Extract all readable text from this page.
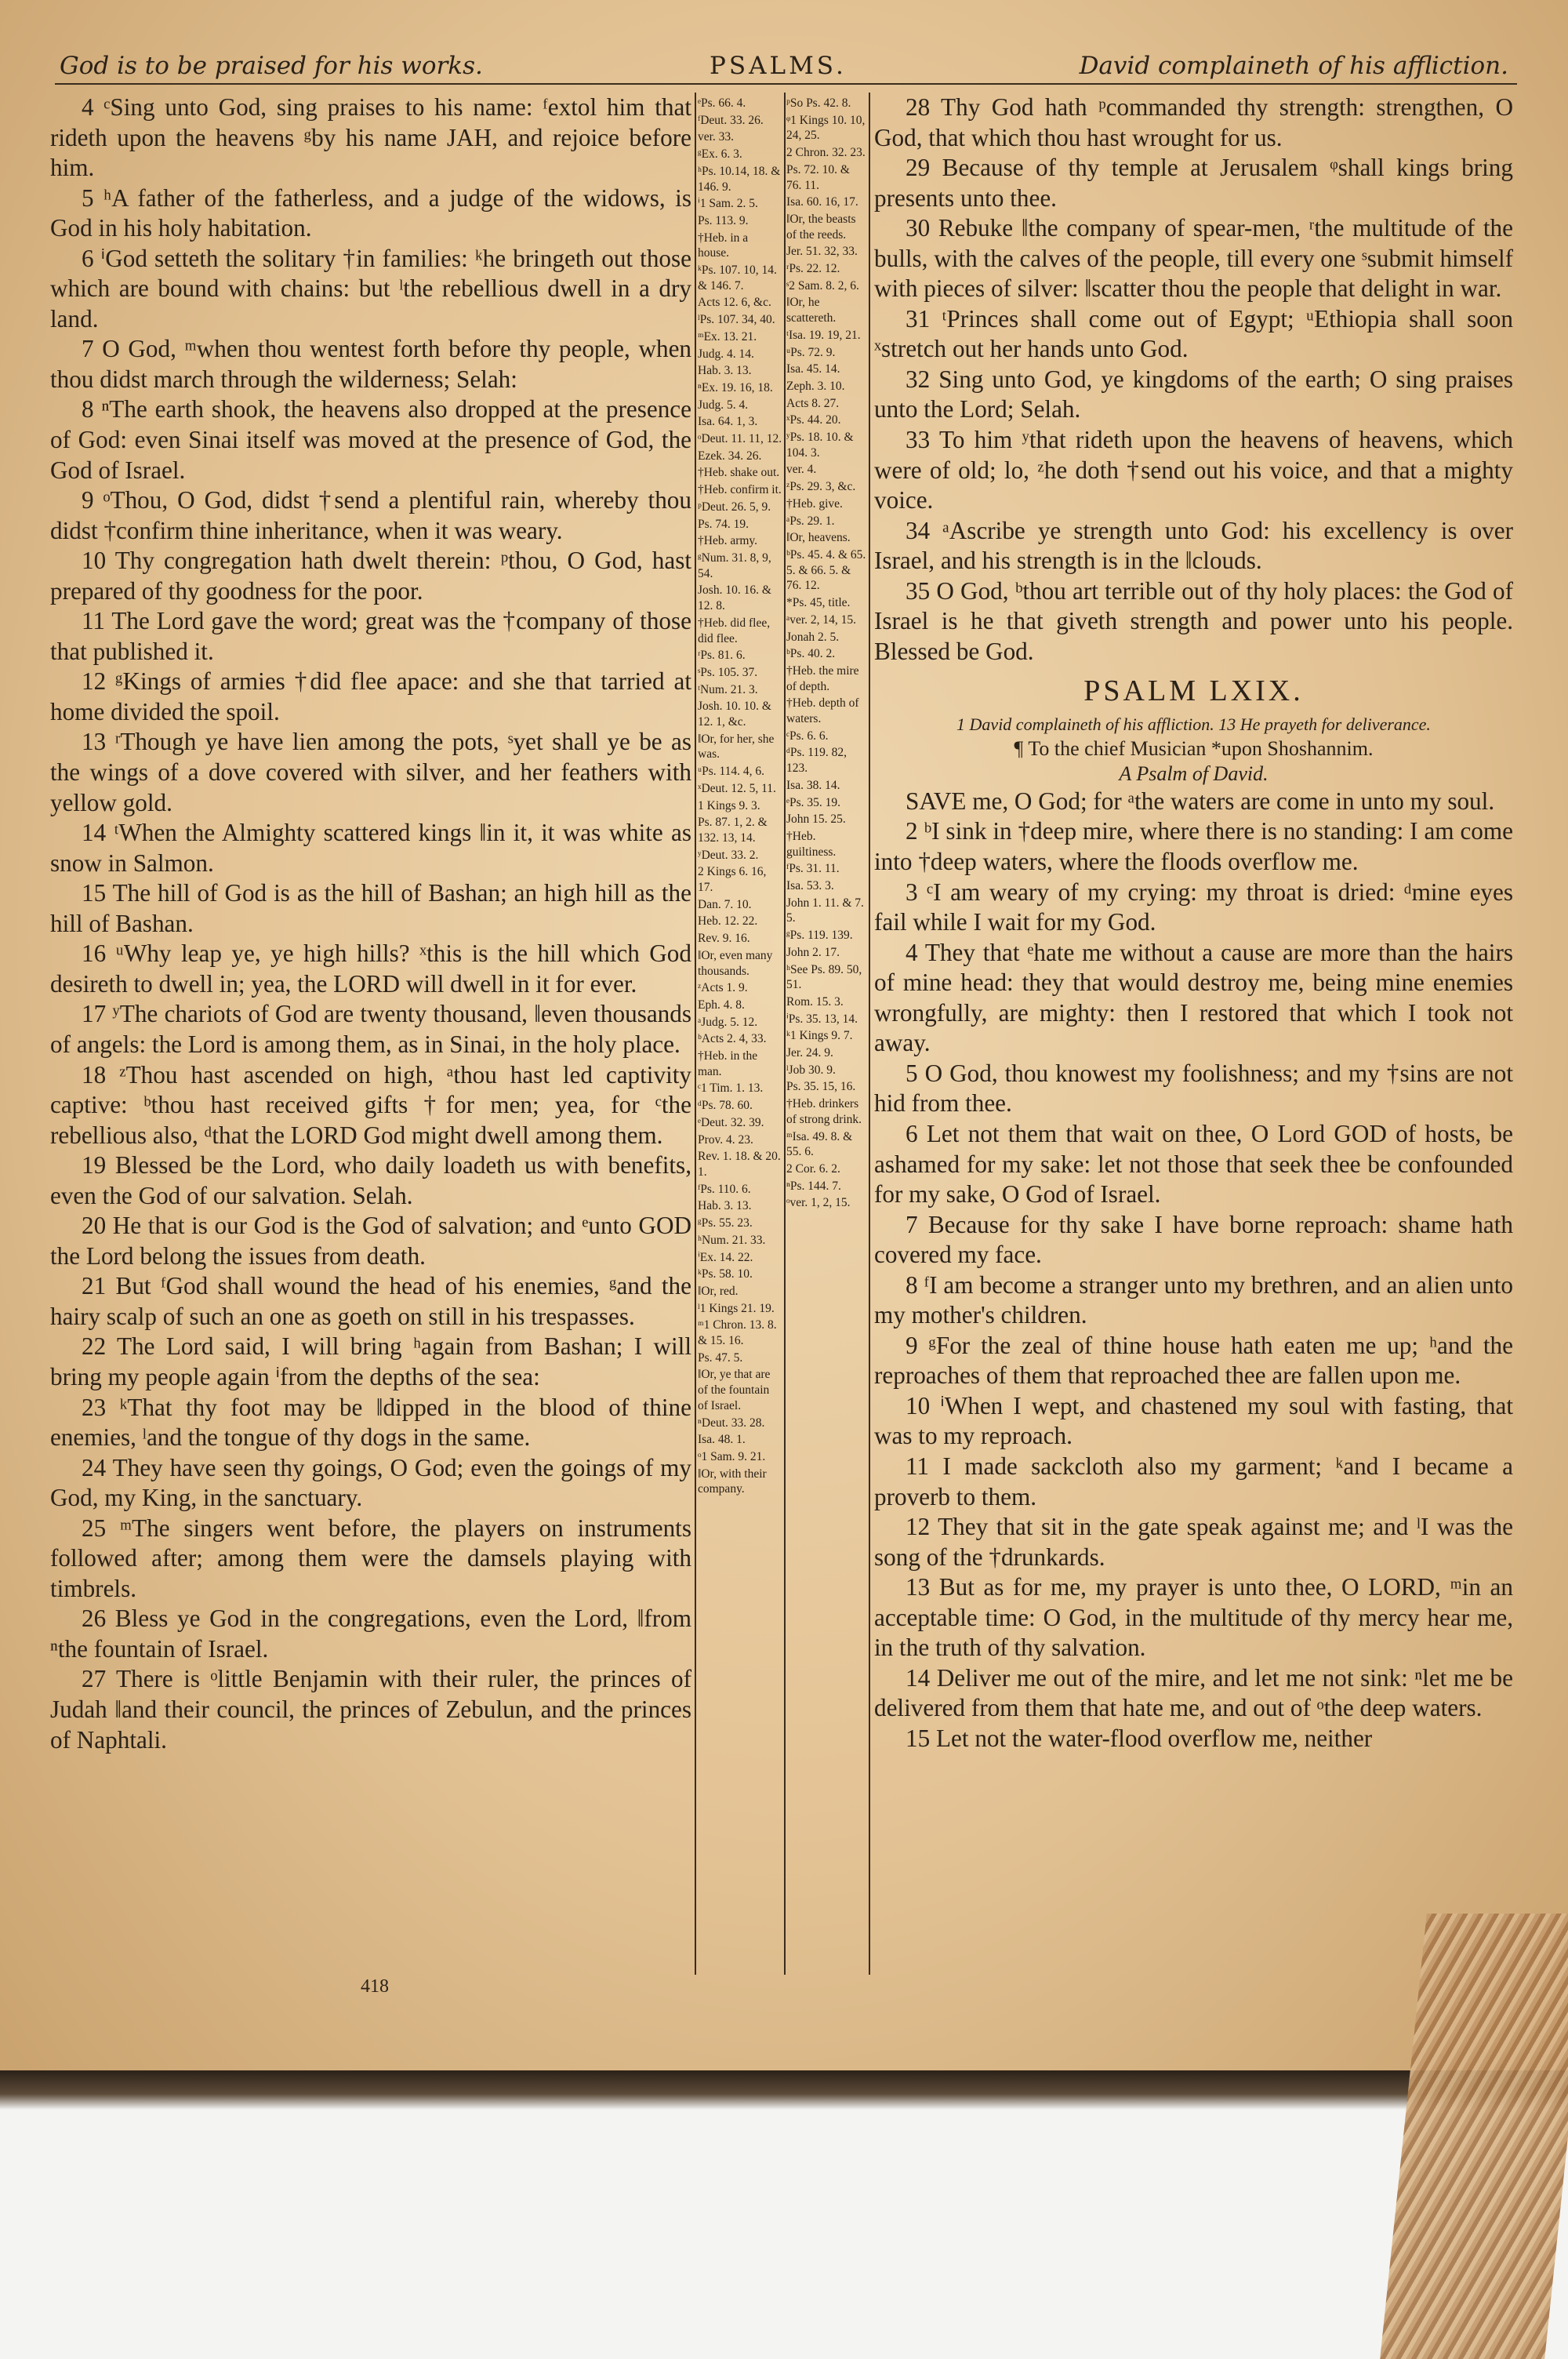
God is to be praised for his works.	PSALMS.	David complaineth of his affliction.

4 ᶜSing unto God, sing praises to his name: ᶠextol him that rideth upon the heavens ᵍby his name JAH, and rejoice before him.

5 ʰA father of the fatherless, and a judge of the widows, is God in his holy habitation.

6 ⁱGod setteth the solitary †in families: ᵏhe bringeth out those which are bound with chains: but ˡthe rebellious dwell in a dry land.

7 O God, ᵐwhen thou wentest forth before thy people, when thou didst march through the wilderness; Selah:

8 ⁿThe earth shook, the heavens also dropped at the presence of God: even Sinai itself was moved at the presence of God, the God of Israel.

9 ᵒThou, O God, didst †send a plentiful rain, whereby thou didst †confirm thine inheritance, when it was weary.

10 Thy congregation hath dwelt therein: ᵖthou, O God, hast prepared of thy goodness for the poor.

11 The Lord gave the word; great was the †company of those that published it.

12 ᵍKings of armies †did flee apace: and she that tarried at home divided the spoil.

13 ʳThough ye have lien among the pots, ˢyet shall ye be as the wings of a dove covered with silver, and her feathers with yellow gold.

14 ᵗWhen the Almighty scattered kings ‖in it, it was white as snow in Salmon.

15 The hill of God is as the hill of Bashan; an high hill as the hill of Bashan.

16 ᵘWhy leap ye, ye high hills? ˣthis is the hill which God desireth to dwell in; yea, the LORD will dwell in it for ever.

17 ʸThe chariots of God are twenty thousand, ‖even thousands of angels: the Lord is among them, as in Sinai, in the holy place.

18 ᶻThou hast ascended on high, ᵃthou hast led captivity captive: ᵇthou hast received gifts †for men; yea, for ᶜthe rebellious also, ᵈthat the LORD God might dwell among them.

19 Blessed be the Lord, who daily loadeth us with benefits, even the God of our salvation. Selah.

20 He that is our God is the God of salvation; and ᵉunto GOD the Lord belong the issues from death.

21 But ᶠGod shall wound the head of his enemies, ᵍand the hairy scalp of such an one as goeth on still in his trespasses.

22 The Lord said, I will bring ʰagain from Bashan; I will bring my people again ⁱfrom the depths of the sea:

23 ᵏThat thy foot may be ‖dipped in the blood of thine enemies, ˡand the tongue of thy dogs in the same.

24 They have seen thy goings, O God; even the goings of my God, my King, in the sanctuary.

25 ᵐThe singers went before, the players on instruments followed after; among them were the damsels playing with timbrels.

26 Bless ye God in the congregations, even the Lord, ‖from ⁿthe fountain of Israel.

27 There is ᵒlittle Benjamin with their ruler, the princes of Judah ‖and their council, the princes of Zebulun, and the princes of Naphtali.

ᵉPs. 66. 4.
ᶠDeut. 33. 26.
ver. 33.
ᵍEx. 6. 3.
ʰPs. 10.14, 18. & 146. 9.
ⁱ1 Sam. 2. 5.
Ps. 113. 9.
†Heb. in a house.
ᵏPs. 107. 10, 14. & 146. 7.
Acts 12. 6, &c.
ˡPs. 107. 34, 40.
ᵐEx. 13. 21.
Judg. 4. 14.
Hab. 3. 13.
ⁿEx. 19. 16, 18.
Judg. 5. 4.
Isa. 64. 1, 3.
ᵒDeut. 11. 11, 12.
Ezek. 34. 26.
†Heb. shake out.
†Heb. confirm it.
ᵖDeut. 26. 5, 9.
Ps. 74. 19.
†Heb. army.
ᵍNum. 31. 8, 9, 54.
Josh. 10. 16. & 12. 8.
†Heb. did flee, did flee.
ʳPs. 81. 6.
ˢPs. 105. 37.
ᵗNum. 21. 3.
Josh. 10. 10. & 12. 1, &c.
‖Or, for her, she was.
ᵘPs. 114. 4, 6.
ˣDeut. 12. 5, 11.
1 Kings 9. 3.
Ps. 87. 1, 2. & 132. 13, 14.
ʸDeut. 33. 2.
2 Kings 6. 16, 17.
Dan. 7. 10.
Heb. 12. 22.
Rev. 9. 16.
‖Or, even many thousands.
ᶻActs 1. 9.
Eph. 4. 8.
ᵃJudg. 5. 12.
ᵇActs 2. 4, 33.
†Heb. in the man.
ᶜ1 Tim. 1. 13.
ᵈPs. 78. 60.
ᵉDeut. 32. 39.
Prov. 4. 23.
Rev. 1. 18. & 20. 1.
ᶠPs. 110. 6.
Hab. 3. 13.
ᵍPs. 55. 23.
ʰNum. 21. 33.
ⁱEx. 14. 22.
ᵏPs. 58. 10.
‖Or, red.
ˡ1 Kings 21. 19.
ᵐ1 Chron. 13. 8. & 15. 16.
Ps. 47. 5.
‖Or, ye that are of the fountain of Israel.
ⁿDeut. 33. 28.
Isa. 48. 1.
ᵒ1 Sam. 9. 21.
‖Or, with their company.
ᵖSo Ps. 42. 8.
ᵠ1 Kings 10. 10, 24, 25.
2 Chron. 32. 23.
Ps. 72. 10. & 76. 11.
Isa. 60. 16, 17.
‖Or, the beasts of the reeds.
Jer. 51. 32, 33.
ʳPs. 22. 12.
ˢ2 Sam. 8. 2, 6.
‖Or, he scattereth.
ᵗIsa. 19. 19, 21.
ᵘPs. 72. 9.
Isa. 45. 14.
Zeph. 3. 10.
Acts 8. 27.
ˣPs. 44. 20.
ʸPs. 18. 10. & 104. 3.
ver. 4.
ᶻPs. 29. 3, &c.
†Heb. give.
ᵃPs. 29. 1.
‖Or, heavens.
ᵇPs. 45. 4. & 65. 5. & 66. 5. & 76. 12.
*Ps. 45, title.
ᵃver. 2, 14, 15.
Jonah 2. 5.
ᵇPs. 40. 2.
†Heb. the mire of depth.
†Heb. depth of waters.
ᶜPs. 6. 6.
ᵈPs. 119. 82, 123.
Isa. 38. 14.
ᵉPs. 35. 19.
John 15. 25.
†Heb. guiltiness.
ᶠPs. 31. 11.
Isa. 53. 3.
John 1. 11. & 7. 5.
ᵍPs. 119. 139.
John 2. 17.
ʰSee Ps. 89. 50, 51.
Rom. 15. 3.
ⁱPs. 35. 13, 14.
ᵏ1 Kings 9. 7.
Jer. 24. 9.
ˡJob 30. 9.
Ps. 35. 15, 16.
†Heb. drinkers of strong drink.
ᵐIsa. 49. 8. & 55. 6.
2 Cor. 6. 2.
ⁿPs. 144. 7.
ᵒver. 1, 2, 15.

28 Thy God hath ᵖcommanded thy strength: strengthen, O God, that which thou hast wrought for us.

29 Because of thy temple at Jerusalem ᵠshall kings bring presents unto thee.

30 Rebuke ‖the company of spear-men, ʳthe multitude of the bulls, with the calves of the people, till every one ˢsubmit himself with pieces of silver: ‖scatter thou the people that delight in war.

31 ᵗPrinces shall come out of Egypt; ᵘEthiopia shall soon ˣstretch out her hands unto God.

32 Sing unto God, ye kingdoms of the earth; O sing praises unto the Lord; Selah.

33 To him ʸthat rideth upon the heavens of heavens, which were of old; lo, ᶻhe doth †send out his voice, and that a mighty voice.

34 ᵃAscribe ye strength unto God: his excellency is over Israel, and his strength is in the ‖clouds.

35 O God, ᵇthou art terrible out of thy holy places: the God of Israel is he that giveth strength and power unto his people. Blessed be God.

PSALM LXIX.

1 David complaineth of his affliction. 13 He prayeth for deliverance.

¶ To the chief Musician *upon Shoshannim.

A Psalm of David.

SAVE me, O God; for ᵃthe waters are come in unto my soul.

2 ᵇI sink in †deep mire, where there is no standing: I am come into †deep waters, where the floods overflow me.

3 ᶜI am weary of my crying: my throat is dried: ᵈmine eyes fail while I wait for my God.

4 They that ᵉhate me without a cause are more than the hairs of mine head: they that would destroy me, being mine enemies wrongfully, are mighty: then I restored that which I took not away.

5 O God, thou knowest my foolishness; and my †sins are not hid from thee.

6 Let not them that wait on thee, O Lord GOD of hosts, be ashamed for my sake: let not those that seek thee be confounded for my sake, O God of Israel.

7 Because for thy sake I have borne reproach: shame hath covered my face.

8 ᶠI am become a stranger unto my brethren, and an alien unto my mother's children.

9 ᵍFor the zeal of thine house hath eaten me up; ʰand the reproaches of them that reproached thee are fallen upon me.

10 ⁱWhen I wept, and chastened my soul with fasting, that was to my reproach.

11 I made sackcloth also my garment; ᵏand I became a proverb to them.

12 They that sit in the gate speak against me; and ˡI was the song of the †drunkards.

13 But as for me, my prayer is unto thee, O LORD, ᵐin an acceptable time: O God, in the multitude of thy mercy hear me, in the truth of thy salvation.

14 Deliver me out of the mire, and let me not sink: ⁿlet me be delivered from them that hate me, and out of ᵒthe deep waters.

15 Let not the water-flood overflow me, neither

418
